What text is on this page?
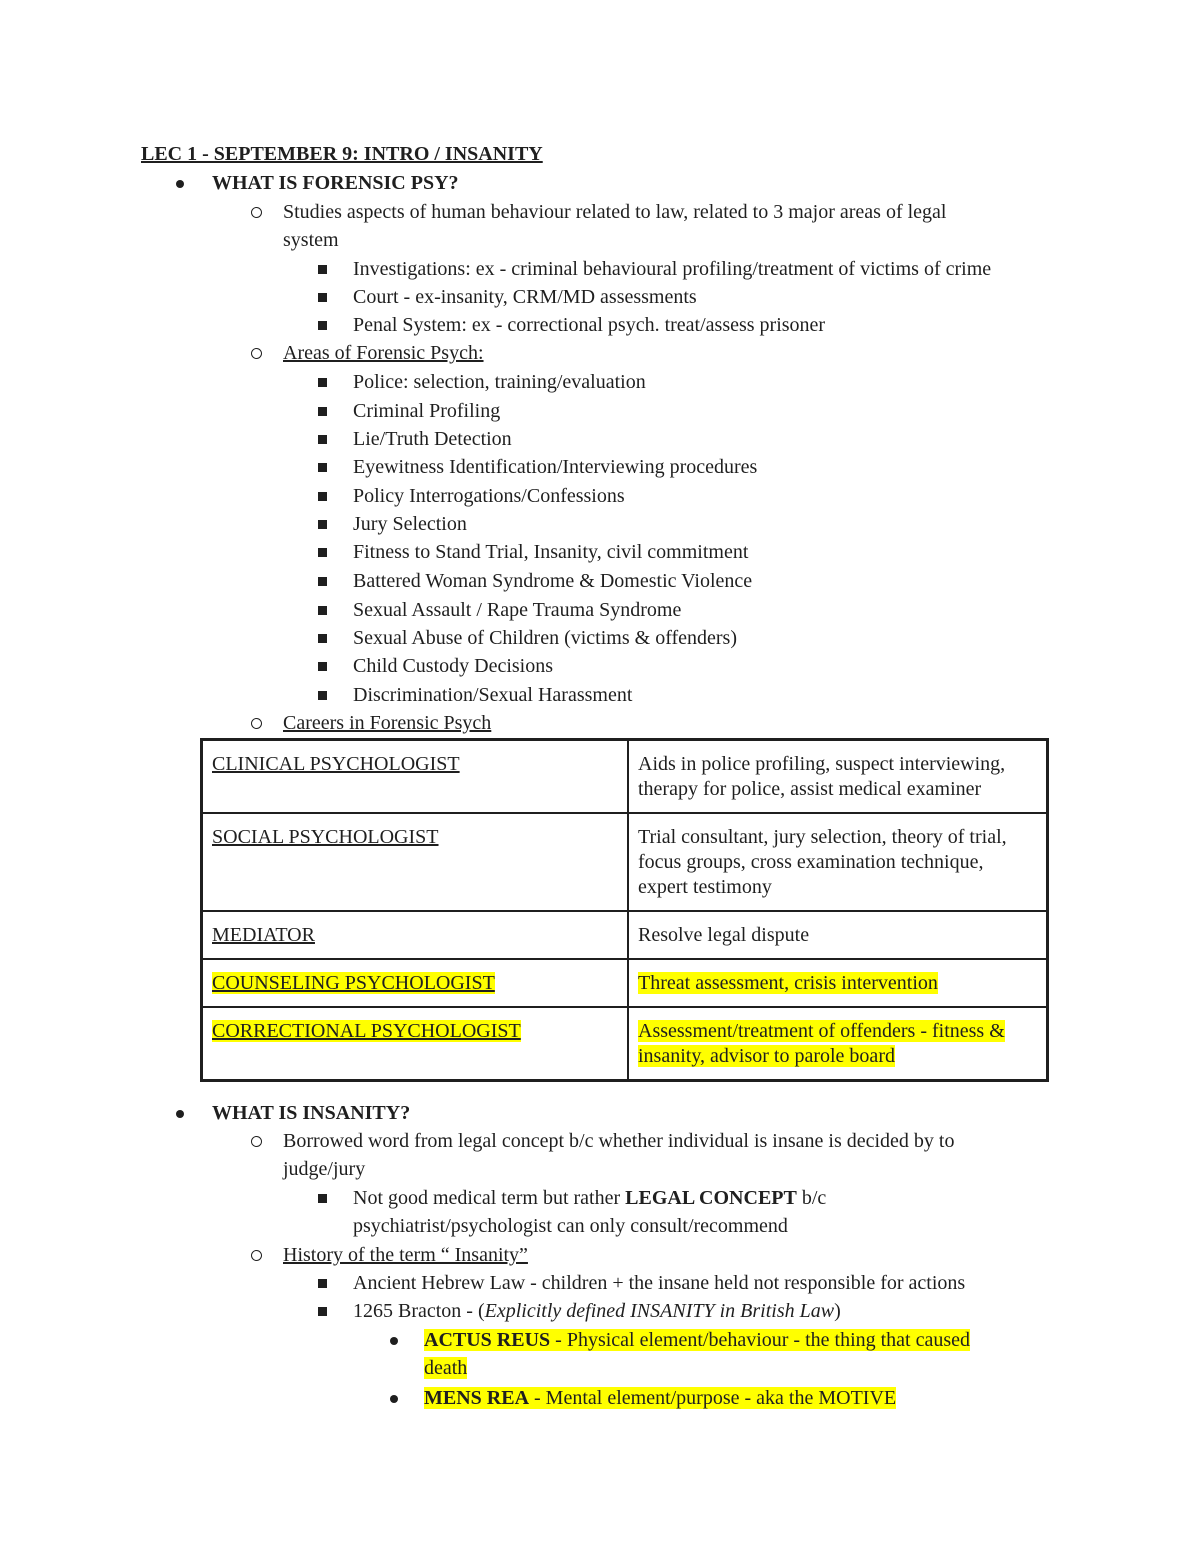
LEC 1 - SEPTEMBER 9: INTRO / INSANITY
WHAT IS FORENSIC PSY?
Studies aspects of human behaviour related to law, related to 3 major areas of legal
system
Investigations: ex - criminal behavioural profiling/treatment of victims of crime
Court - ex-insanity, CRM/MD assessments
Penal System: ex - correctional psych. treat/assess prisoner
Areas of Forensic Psych:
Police: selection, training/evaluation
Criminal Profiling
Lie/Truth Detection
Eyewitness Identification/Interviewing procedures
Policy Interrogations/Confessions
Jury Selection
Fitness to Stand Trial, Insanity, civil commitment
Battered Woman Syndrome & Domestic Violence
Sexual Assault / Rape Trauma Syndrome
Sexual Abuse of Children (victims & offenders)
Child Custody Decisions
Discrimination/Sexual Harassment
Careers in Forensic Psych
CLINICAL PSYCHOLOGIST	Aids in police profiling, suspect interviewing, therapy for police, assist medical examiner
SOCIAL PSYCHOLOGIST	Trial consultant, jury selection, theory of trial, focus groups, cross examination technique, expert testimony
MEDIATOR	Resolve legal dispute
COUNSELING PSYCHOLOGIST	Threat assessment, crisis intervention
CORRECTIONAL PSYCHOLOGIST	Assessment/treatment of offenders - fitness & insanity, advisor to parole board
WHAT IS INSANITY?
Borrowed word from legal concept b/c whether individual is insane is decided by to
judge/jury
Not good medical term but rather LEGAL CONCEPT b/c
psychiatrist/psychologist can only consult/recommend
History of the term “ Insanity”
Ancient Hebrew Law - children + the insane held not responsible for actions
1265 Bracton - (Explicitly defined INSANITY in British Law)
ACTUS REUS - Physical element/behaviour - the thing that caused
death
MENS REA - Mental element/purpose - aka the MOTIVE
